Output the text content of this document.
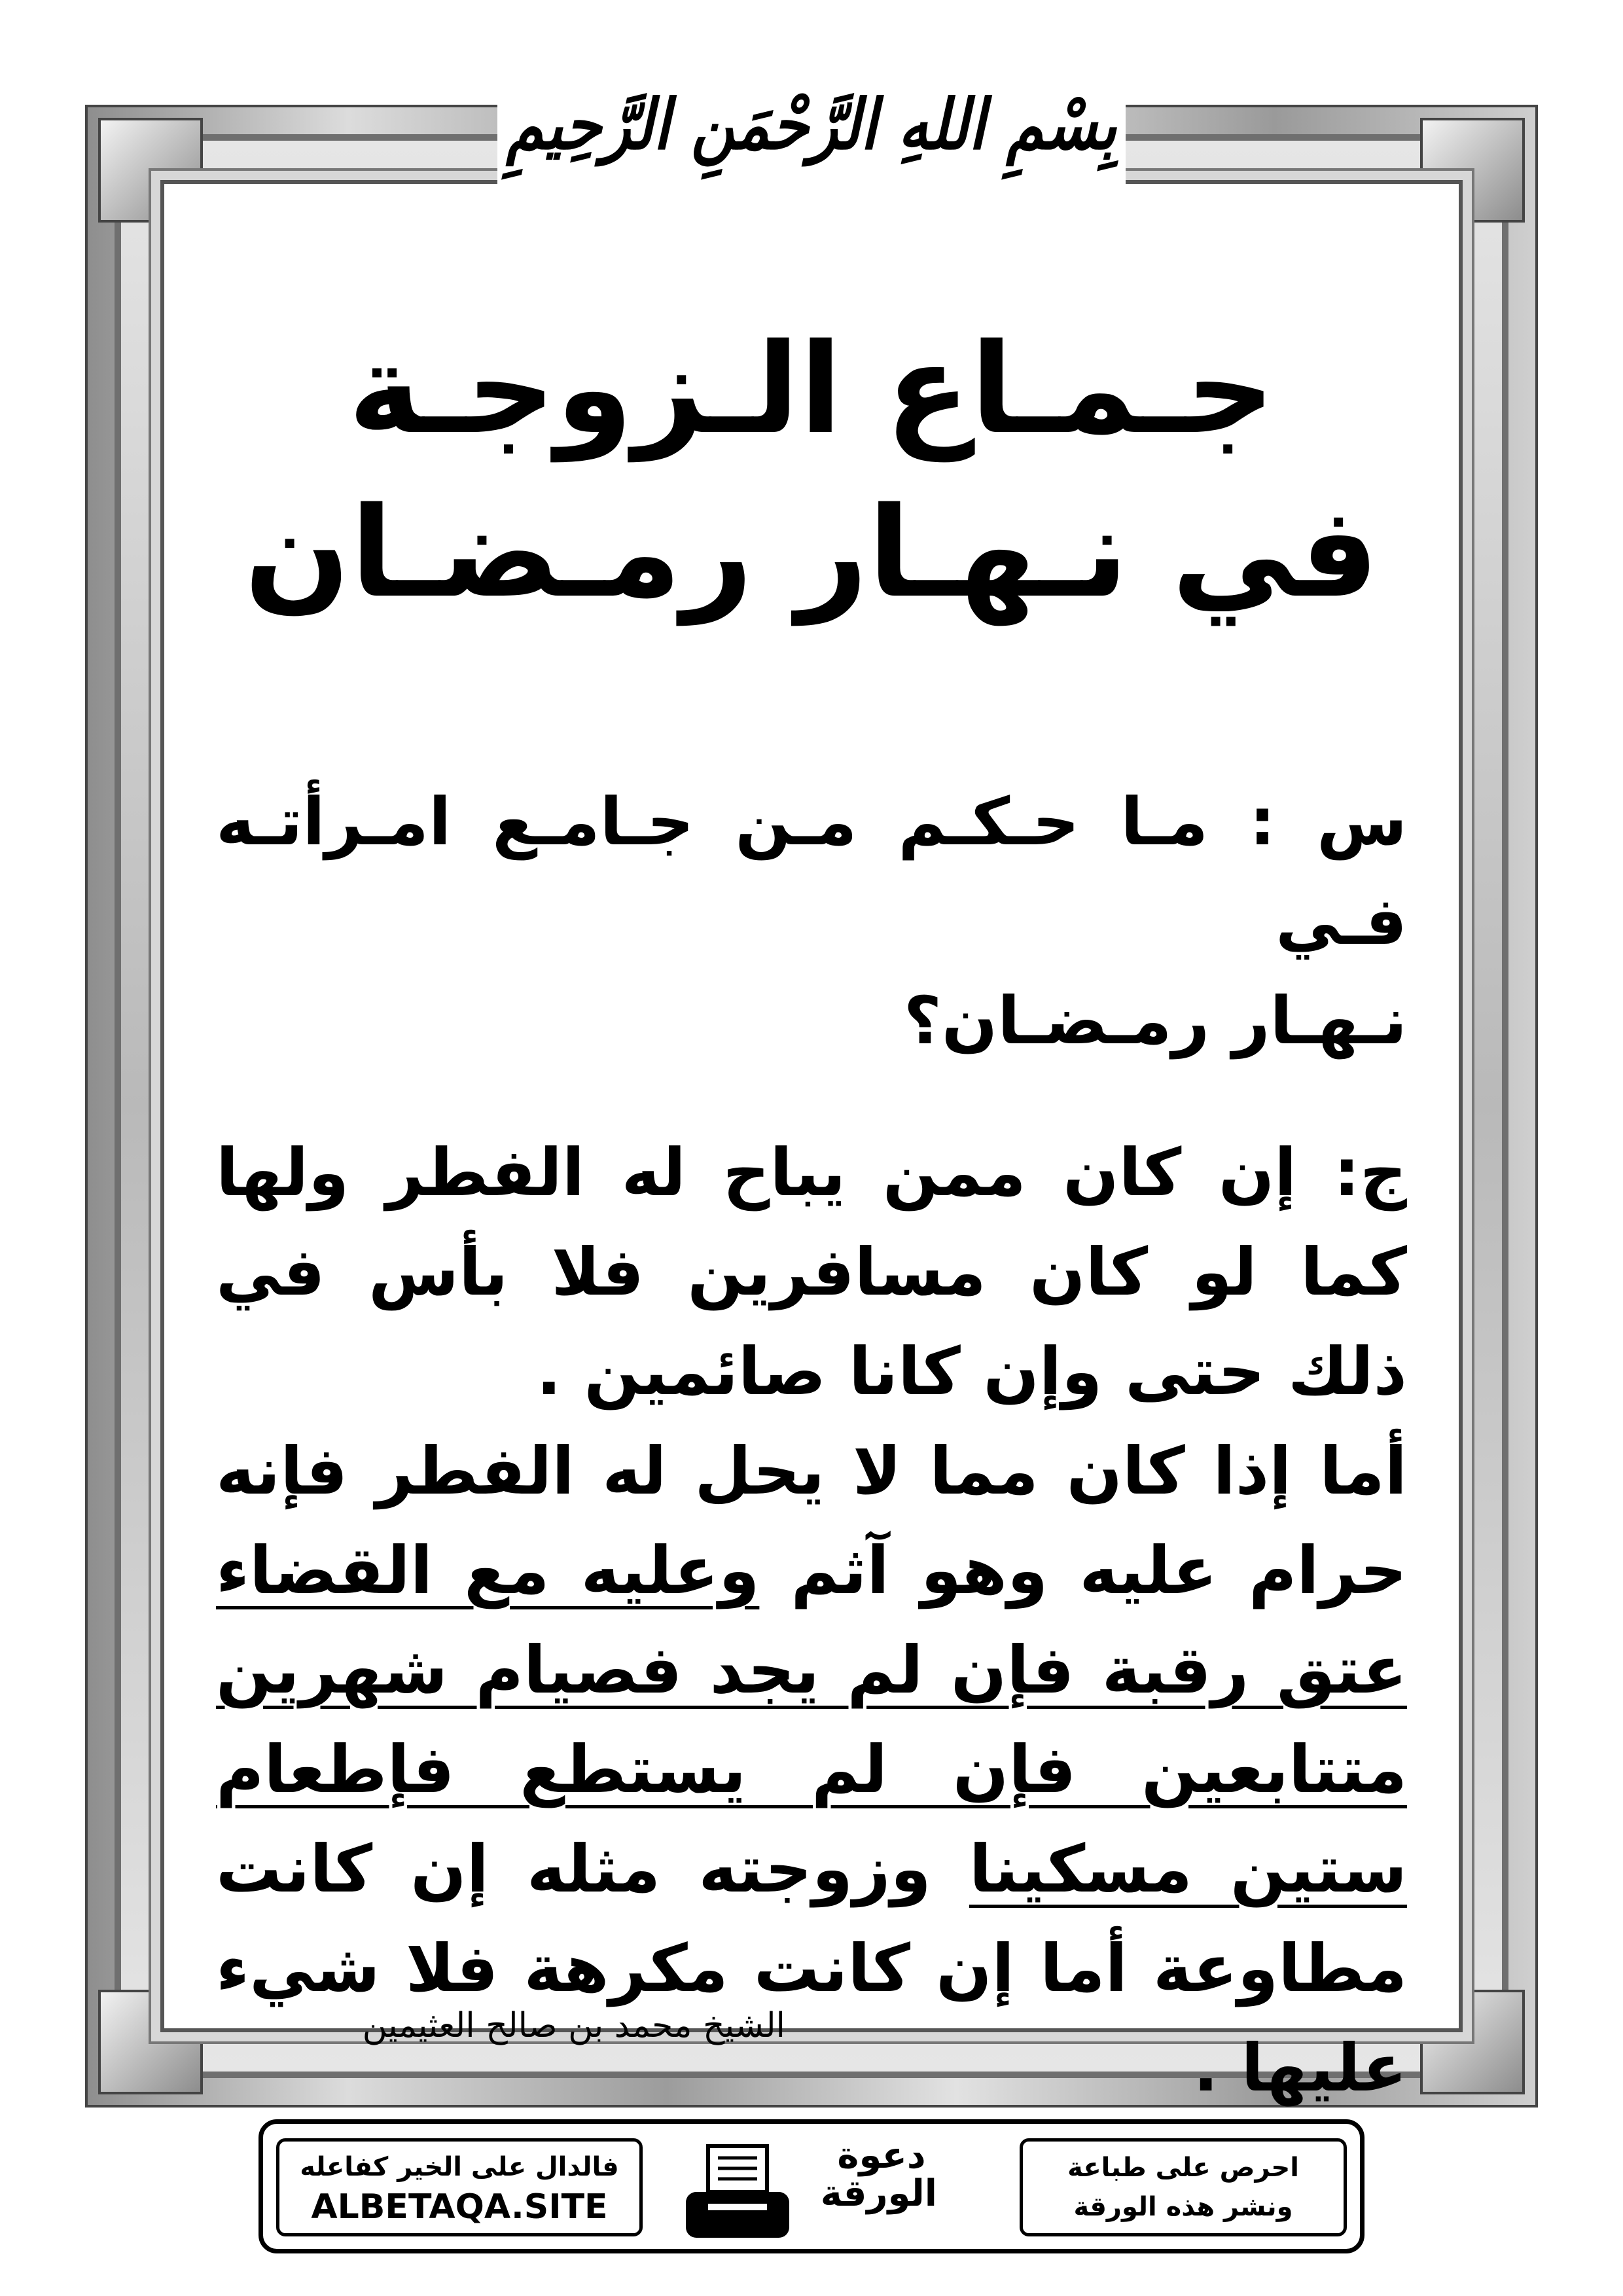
بِسْمِ اللهِ الرَّحْمَنِ الرَّحِيمِ
جـمـاع الـزوجـة
في نـهـار رمـضـان

س : مـا حـكـم مـن جـامـع امـرأتـه فـي
نـهـار رمـضـان؟

ج: إن كان ممن يباح له الفطر ولها كما لو كان مسافرين فلا بأس في ذلك حتى وإن كانا صائمين .

أما إذا كان مما لا يحل له الفطر فإنه حرام عليه وهو آثم وعليه مع القضاء عتق رقبة فإن لم يجد فصيام شهرين متتابعين فإن لم يستطع فإطعام ستين مسكينا وزوجته مثله إن كانت مطاوعة أما إن كانت مكرهة فلا شيء عليها .

الشيخ محمد بن صالح العثيمين
احرص على طباعة
ونشر هذه الورقة
دعوة
الورقة
فالدال على الخير كفاعله
ALBETAQA.SITE
